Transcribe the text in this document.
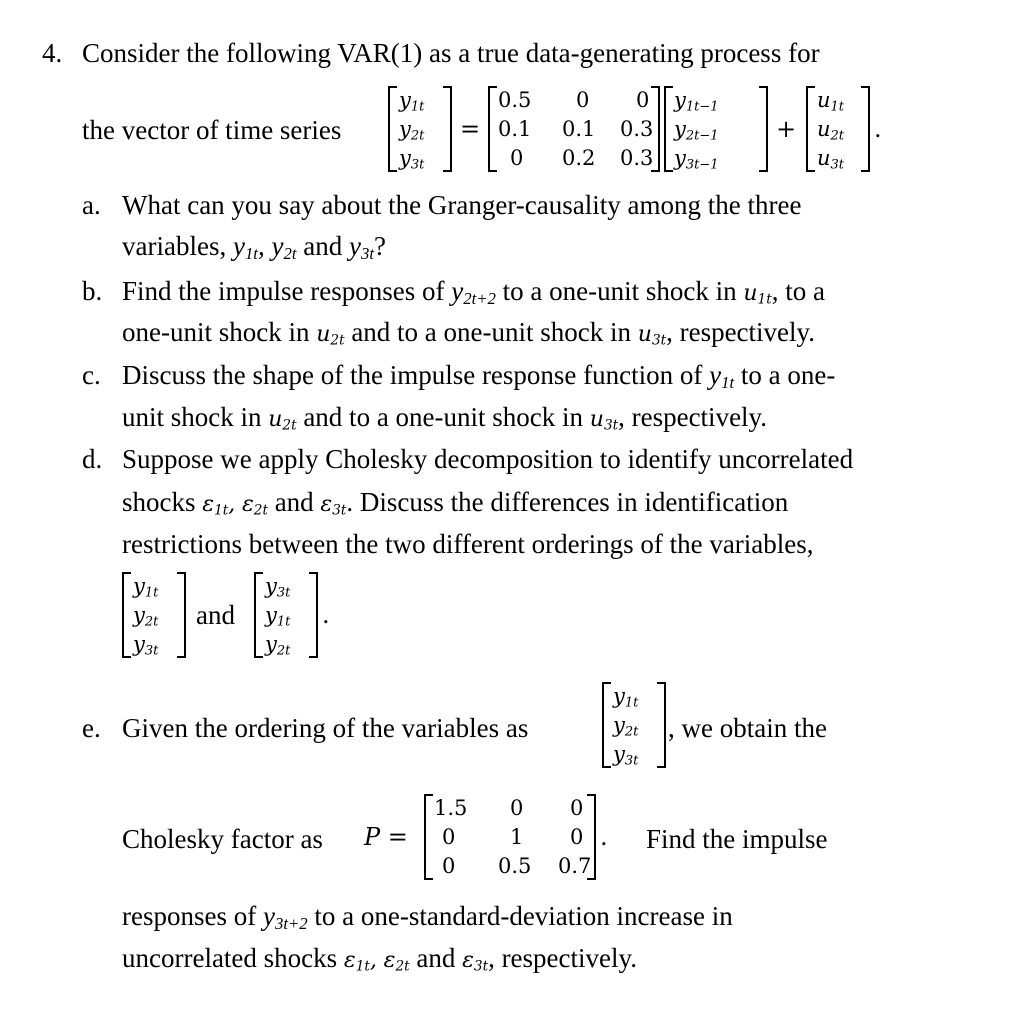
4. Consider the following VAR(1) as a true data-generating process for
the vector of time series
$y_{1t}$
$y_{2t}$
$y_{3t}$
=
0.5 0 0
0.1 0.1 0.3
0 0.2 0.3
$y_{1t-1}$
$y_{2t-1}$
$y_{3t-1}$
+
$u_{1t}$
$u_{2t}$
$u_{3t}$
.
a. What can you say about the Granger-causality among the three
variables, $y_{1t}$, $y_{2t}$ and $y_{3t}$?
b. Find the impulse responses of $y_{2t+2}$ to a one-unit shock in $u_{1t}$, to a
one-unit shock in $u_{2t}$ and to a one-unit shock in $u_{3t}$, respectively.
c. Discuss the shape of the impulse response function of $y_{1t}$ to a one-
unit shock in $u_{2t}$ and to a one-unit shock in $u_{3t}$, respectively.
d. Suppose we apply Cholesky decomposition to identify uncorrelated
shocks $\varepsilon_{1t}$, $\varepsilon_{2t}$ and $\varepsilon_{3t}$. Discuss the differences in identification
restrictions between the two different orderings of the variables,
$y_{1t}$
$y_{2t}$
$y_{3t}$
and
$y_{3t}$
$y_{1t}$
$y_{2t}$
.
e. Given the ordering of the variables as
$y_{1t}$
$y_{2t}$
$y_{3t}$
, we obtain the
Cholesky factor as P =
1.5 0 0
0	1 0
0 0.5 0.7
. Find the impulse
responses of $y_{3t+2}$ to a one-standard-deviation increase in
uncorrelated shocks $\varepsilon_{1t}$, $\varepsilon_{2t}$ and $\varepsilon_{3t}$, respectively.
